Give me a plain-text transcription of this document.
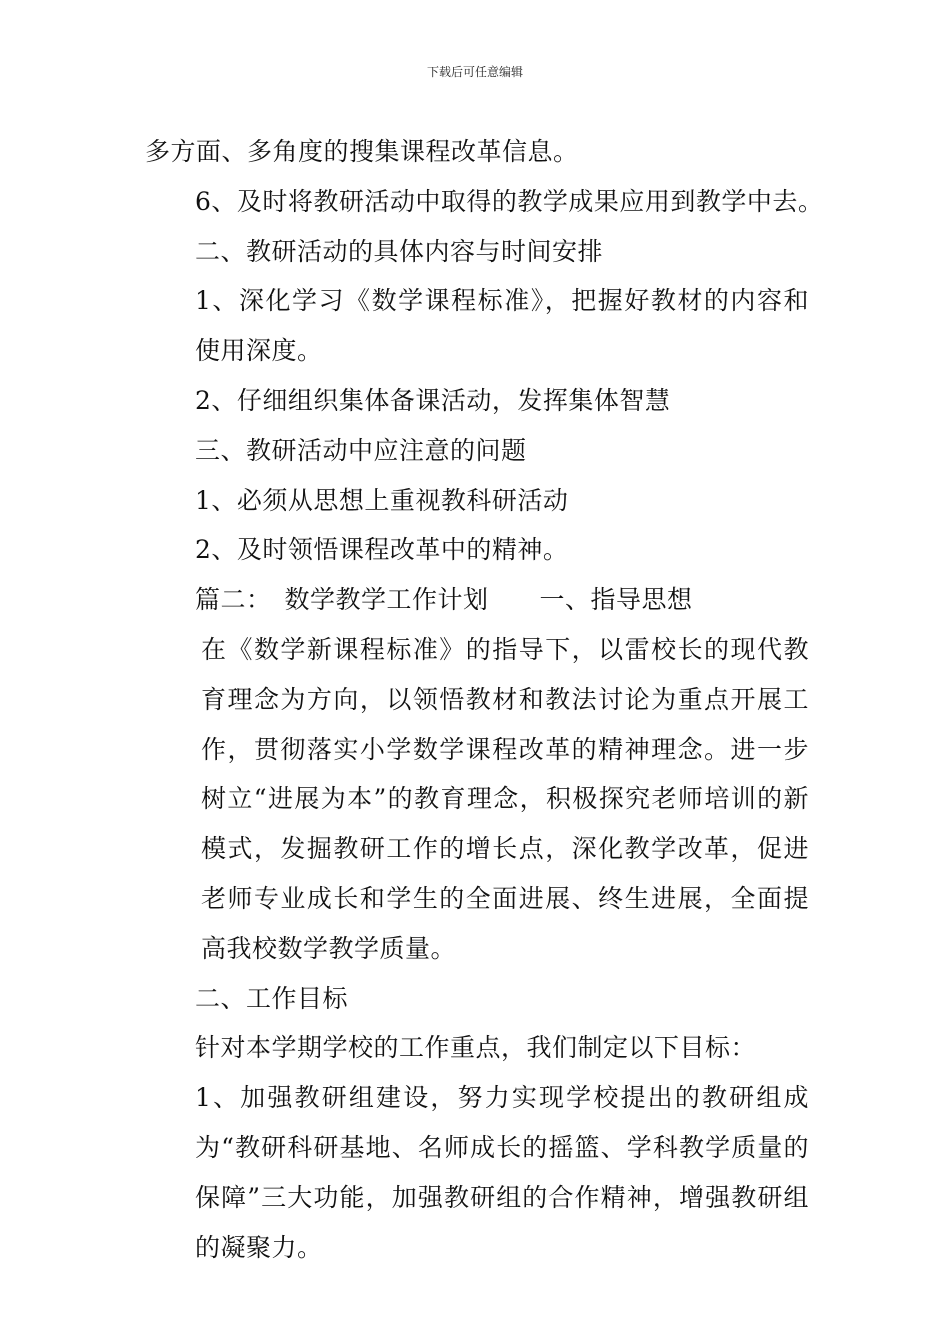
下载后可任意编辑

多方面、多角度的搜集课程改革信息。

6、及时将教研活动中取得的教学成果应用到教学中去。

二、教研活动的具体内容与时间安排

1、深化学习《数学课程标准》，把握好教材的内容和使用深度。

2、仔细组织集体备课活动，发挥集体智慧

三、教研活动中应注意的问题

1、必须从思想上重视教科研活动

2、及时领悟课程改革中的精神。

篇二：　数学教学工作计划　　一、指导思想

在《数学新课程标准》的指导下，以雷校长的现代教育理念为方向，以领悟教材和教法讨论为重点开展工作，贯彻落实小学数学课程改革的精神理念。进一步树立“进展为本”的教育理念，积极探究老师培训的新模式，发掘教研工作的增长点，深化教学改革，促进老师专业成长和学生的全面进展、终生进展，全面提高我校数学教学质量。

二、工作目标

针对本学期学校的工作重点，我们制定以下目标：

1、加强教研组建设，努力实现学校提出的教研组成为“教研科研基地、名师成长的摇篮、学科教学质量的保障”三大功能，加强教研组的合作精神，增强教研组的凝聚力。
